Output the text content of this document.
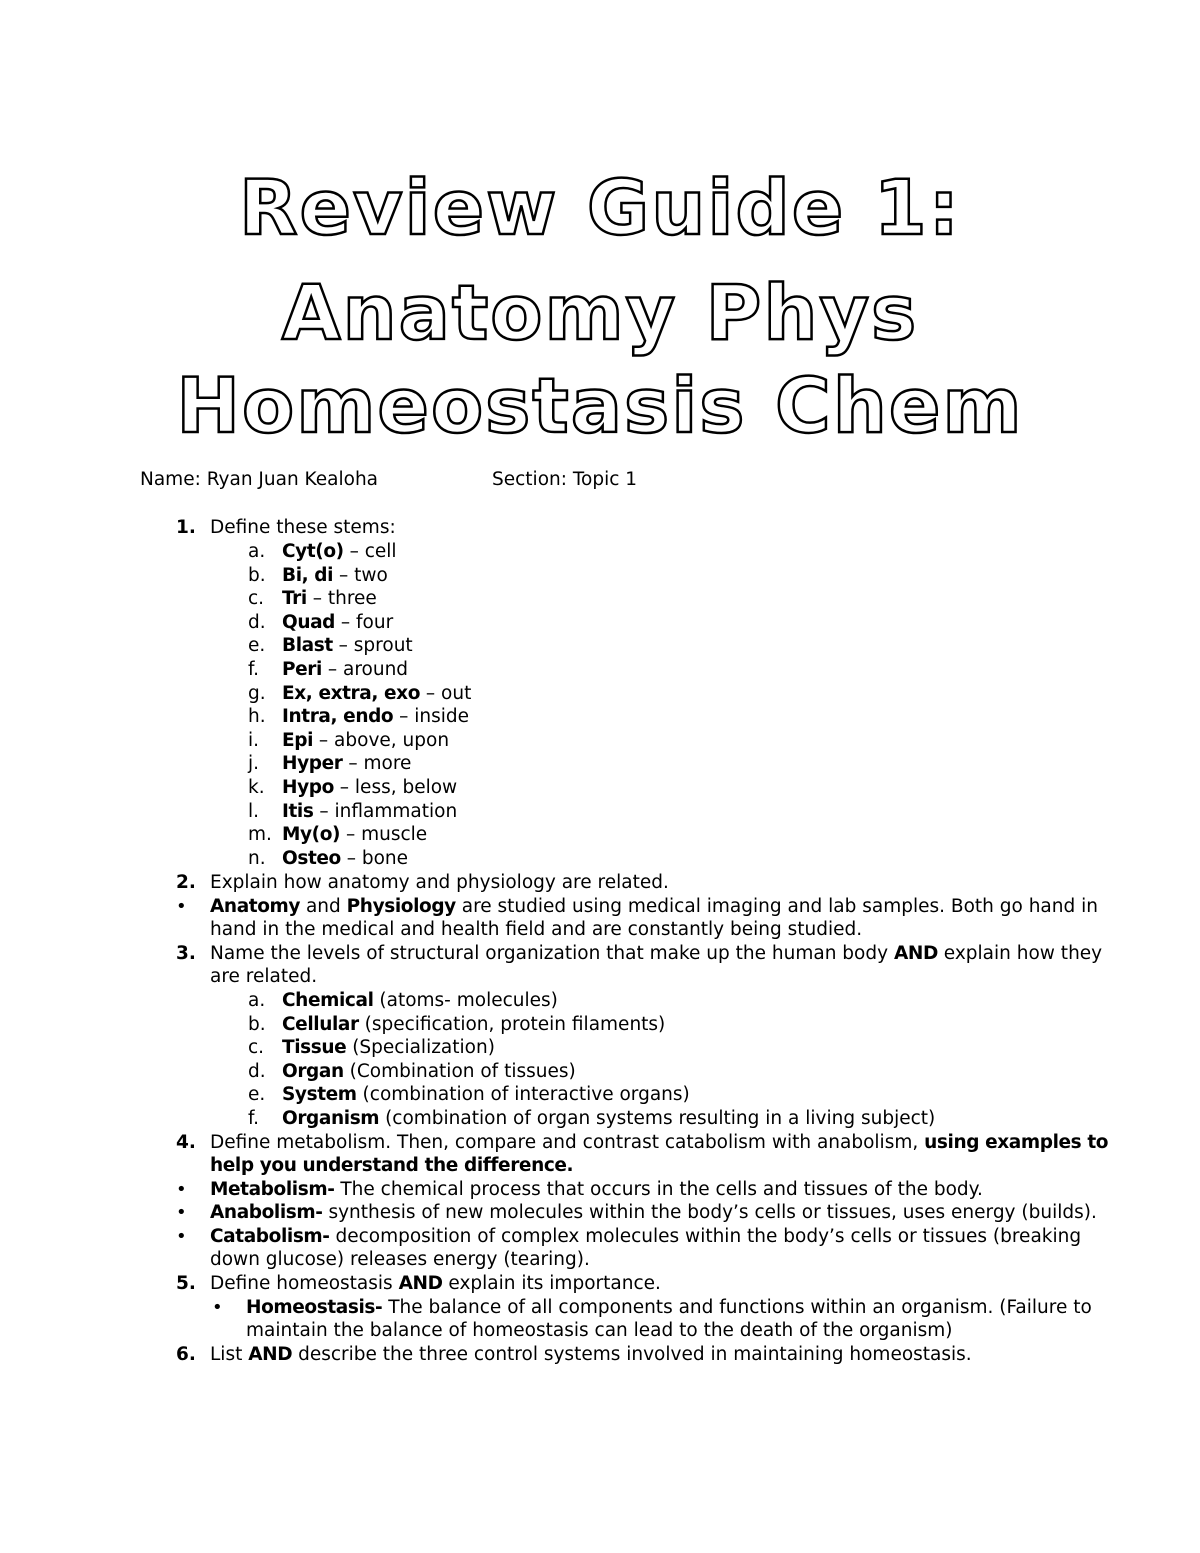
Review Guide 1:
Anatomy Phys
Homeostasis Chem
Name: Ryan Juan Kealoha	Section: Topic 1
1. Define these stems:
a. Cyt(o) – cell
b. Bi, di – two
c. Tri – three
d. Quad – four
e. Blast – sprout
f. Peri – around
g. Ex, extra, exo – out
h. Intra, endo – inside
i. Epi – above, upon
j. Hyper – more
k. Hypo – less, below
l. Itis – inflammation
m. My(o) – muscle
n. Osteo – bone
2. Explain how anatomy and physiology are related.
• Anatomy and Physiology are studied using medical imaging and lab samples. Both go hand in
hand in the medical and health field and are constantly being studied.
3. Name the levels of structural organization that make up the human body AND explain how they
are related.
a. Chemical (atoms- molecules)
b. Cellular (specification, protein filaments)
c. Tissue (Specialization)
d. Organ (Combination of tissues)
e. System (combination of interactive organs)
f. Organism (combination of organ systems resulting in a living subject)
4. Define metabolism. Then, compare and contrast catabolism with anabolism, using examples to
help you understand the difference.
• Metabolism- The chemical process that occurs in the cells and tissues of the body.
• Anabolism- synthesis of new molecules within the body’s cells or tissues, uses energy (builds).
• Catabolism- decomposition of complex molecules within the body’s cells or tissues (breaking
down glucose) releases energy (tearing).
5. Define homeostasis AND explain its importance.
• Homeostasis- The balance of all components and functions within an organism. (Failure to
maintain the balance of homeostasis can lead to the death of the organism)
6. List AND describe the three control systems involved in maintaining homeostasis.
